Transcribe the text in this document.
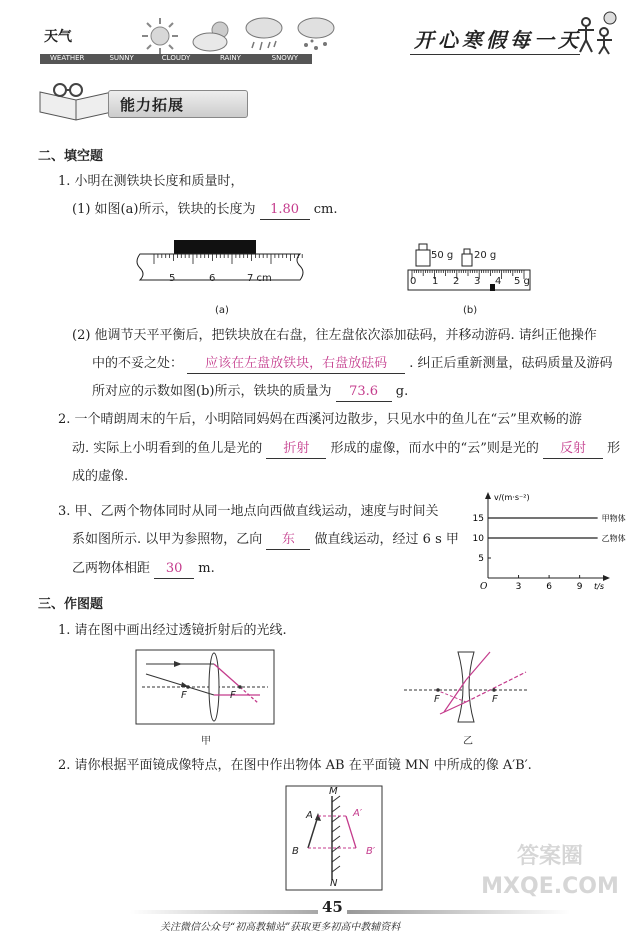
天气
WEATHER	SUNNY	CLOUDY	RAINY	SNOWY
开心寒假每一天
能力拓展
二、填空题
1. 小明在测铁块长度和质量时，
(1) 如图(a)所示，铁块的长度为 1.80 cm.
5	6	7 cm
(a)
50 g 20 g
0 1 2 3 4 5 g
(b)
(2) 他调节天平平衡后，把铁块放在右盘，往左盘依次添加砝码，并移动游码. 请纠正他操作
中的不妥之处： 应该在左盘放铁块，右盘放砝码 . 纠正后重新测量，砝码质量及游码
所对应的示数如图(b)所示，铁块的质量为 73.6 g.
2. 一个晴朗周末的午后，小明陪同妈妈在西溪河边散步，只见水中的鱼儿在“云”里欢畅的游
动. 实际上小明看到的鱼儿是光的 折射 形成的虚像，而水中的“云”则是光的 反射 形
成的虚像.
3. 甲、乙两个物体同时从同一地点向西做直线运动，速度与时间关
系如图所示. 以甲为参照物，乙向 东 做直线运动，经过 6 s 甲
乙两物体相距 30 m.
3	6	9
15
10
5
O
v/(m·s⁻²)
t/s
甲物体
乙物体
三、作图题
1. 请在图中画出经过透镜折射后的光线.
F	F
甲
F	F
乙
2. 请你根据平面镜成像特点，在图中作出物体 AB 在平面镜 MN 中所成的像 A′B′.
M
N
A
B
A′
B′	答案圈 MXQE.COM
45
关注微信公众号“初高教辅站”获取更多初高中教辅资料
